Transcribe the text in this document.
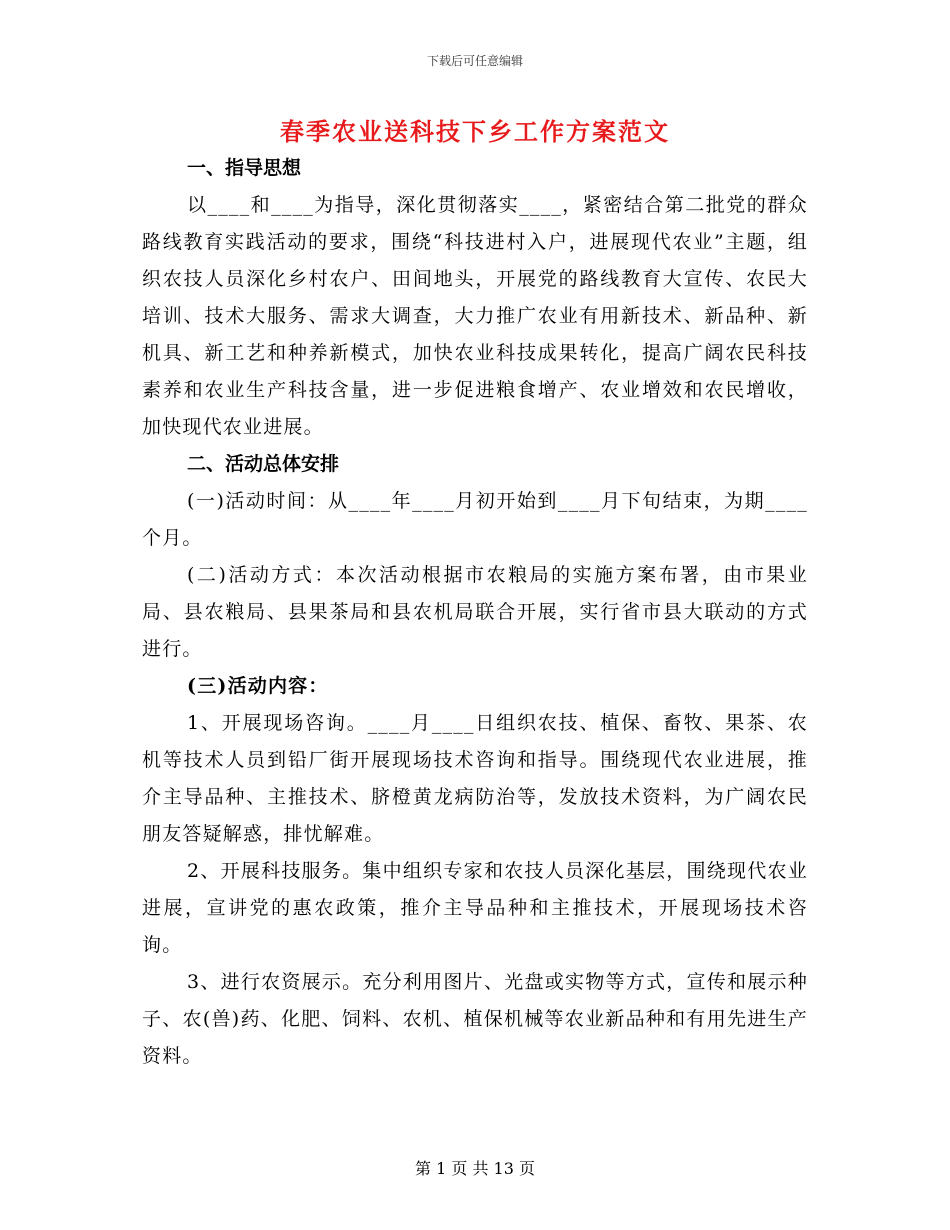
下载后可任意编辑
春季农业送科技下乡工作方案范文

一、指导思想

以____和____为指导，深化贯彻落实____，紧密结合第二批党的群众路线教育实践活动的要求，围绕“科技进村入户，进展现代农业”主题，组织农技人员深化乡村农户、田间地头，开展党的路线教育大宣传、农民大培训、技术大服务、需求大调查，大力推广农业有用新技术、新品种、新机具、新工艺和种养新模式，加快农业科技成果转化，提高广阔农民科技素养和农业生产科技含量，进一步促进粮食增产、农业增效和农民增收，加快现代农业进展。

二、活动总体安排

(一)活动时间：从____年____月初开始到____月下旬结束，为期____个月。

(二)活动方式：本次活动根据市农粮局的实施方案布署，由市果业局、县农粮局、县果茶局和县农机局联合开展，实行省市县大联动的方式进行。

(三)活动内容：

1、开展现场咨询。____月____日组织农技、植保、畜牧、果茶、农机等技术人员到铅厂街开展现场技术咨询和指导。围绕现代农业进展，推介主导品种、主推技术、脐橙黄龙病防治等，发放技术资料，为广阔农民朋友答疑解惑，排忧解难。

2、开展科技服务。集中组织专家和农技人员深化基层，围绕现代农业进展，宣讲党的惠农政策，推介主导品种和主推技术，开展现场技术咨询。

3、进行农资展示。充分利用图片、光盘或实物等方式，宣传和展示种子、农(兽)药、化肥、饲料、农机、植保机械等农业新品种和有用先进生产资料。

第 1 页 共 13 页
